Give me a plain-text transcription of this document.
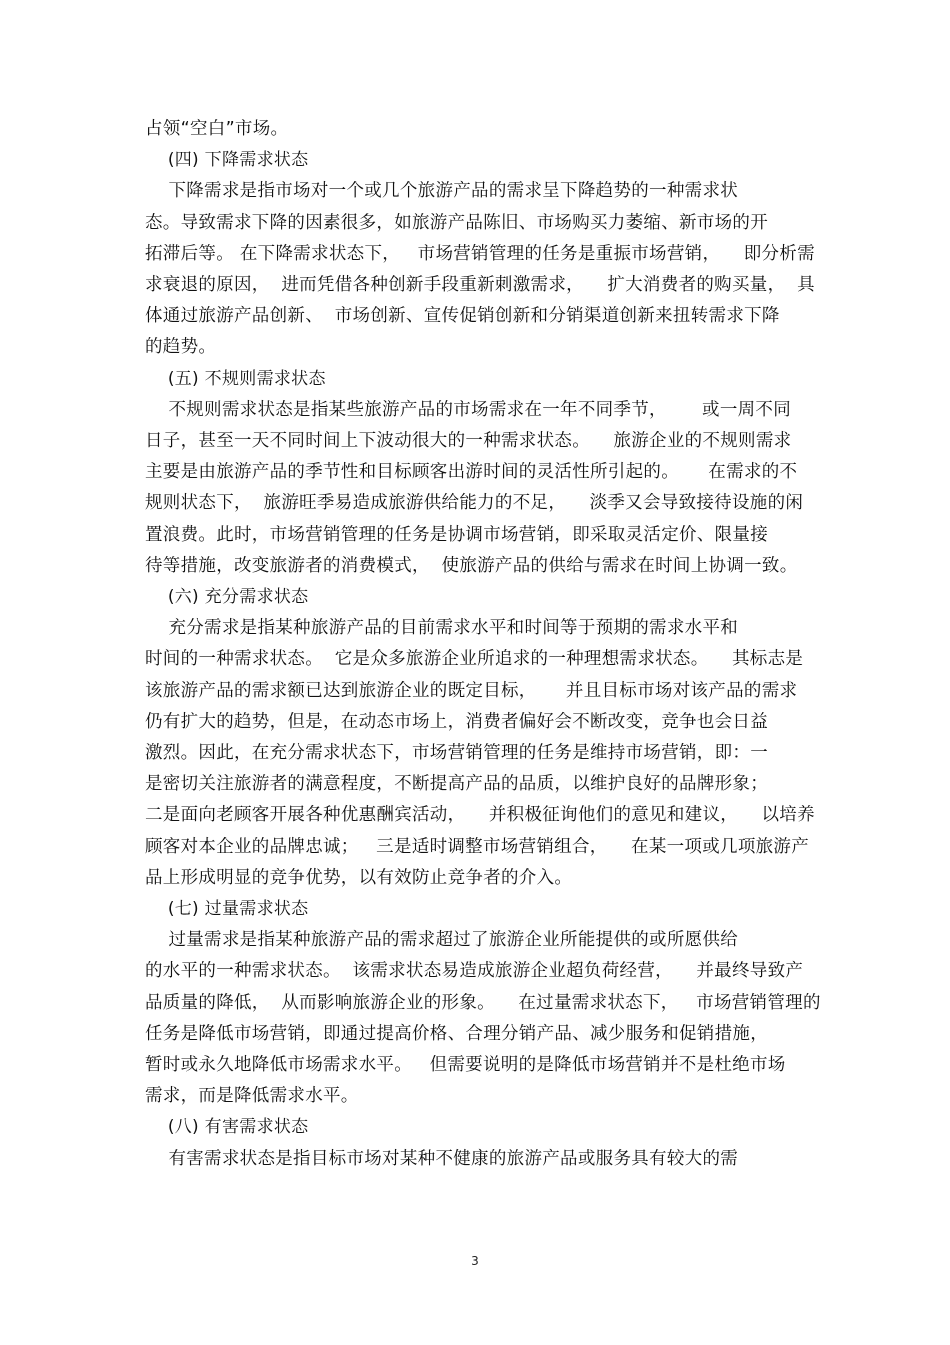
占领“空白”市场。
(四) 下降需求状态
下降需求是指市场对一个或几个旅游产品的需求呈下降趋势的一种需求状
态。导致需求下降的因素很多，如旅游产品陈旧、市场购买力萎缩、新市场的开
拓滞后等。 在下降需求状态下，   市场营销管理的任务是重振市场营销，    即分析需
求衰退的原因，  进而凭借各种创新手段重新刺激需求，    扩大消费者的购买量，  具
体通过旅游产品创新、  市场创新、宣传促销创新和分销渠道创新来扭转需求下降
的趋势。
(五) 不规则需求状态
不规则需求状态是指某些旅游产品的市场需求在一年不同季节，      或一周不同
日子，甚至一天不同时间上下波动很大的一种需求状态。    旅游企业的不规则需求
主要是由旅游产品的季节性和目标顾客出游时间的灵活性所引起的。     在需求的不
规则状态下，  旅游旺季易造成旅游供给能力的不足，    淡季又会导致接待设施的闲
置浪费。此时，市场营销管理的任务是协调市场营销，即采取灵活定价、限量接
待等措施，改变旅游者的消费模式，  使旅游产品的供给与需求在时间上协调一致。
(六) 充分需求状态
充分需求是指某种旅游产品的目前需求水平和时间等于预期的需求水平和
时间的一种需求状态。  它是众多旅游企业所追求的一种理想需求状态。    其标志是
该旅游产品的需求额已达到旅游企业的既定目标，     并且目标市场对该产品的需求
仍有扩大的趋势，但是，在动态市场上，消费者偏好会不断改变，竞争也会日益
激烈。因此，在充分需求状态下，市场营销管理的任务是维持市场营销，即：一
是密切关注旅游者的满意程度，不断提高产品的品质，以维护良好的品牌形象；
二是面向老顾客开展各种优惠酬宾活动，    并积极征询他们的意见和建议，    以培养
顾客对本企业的品牌忠诚；   三是适时调整市场营销组合，    在某一项或几项旅游产
品上形成明显的竞争优势，以有效防止竞争者的介入。
(七) 过量需求状态
过量需求是指某种旅游产品的需求超过了旅游企业所能提供的或所愿供给
的水平的一种需求状态。  该需求状态易造成旅游企业超负荷经营，    并最终导致产
品质量的降低，  从而影响旅游企业的形象。    在过量需求状态下，   市场营销管理的
任务是降低市场营销，即通过提高价格、合理分销产品、减少服务和促销措施，
暂时或永久地降低市场需求水平。   但需要说明的是降低市场营销并不是杜绝市场
需求，而是降低需求水平。
(八) 有害需求状态
有害需求状态是指目标市场对某种不健康的旅游产品或服务具有较大的需
3
